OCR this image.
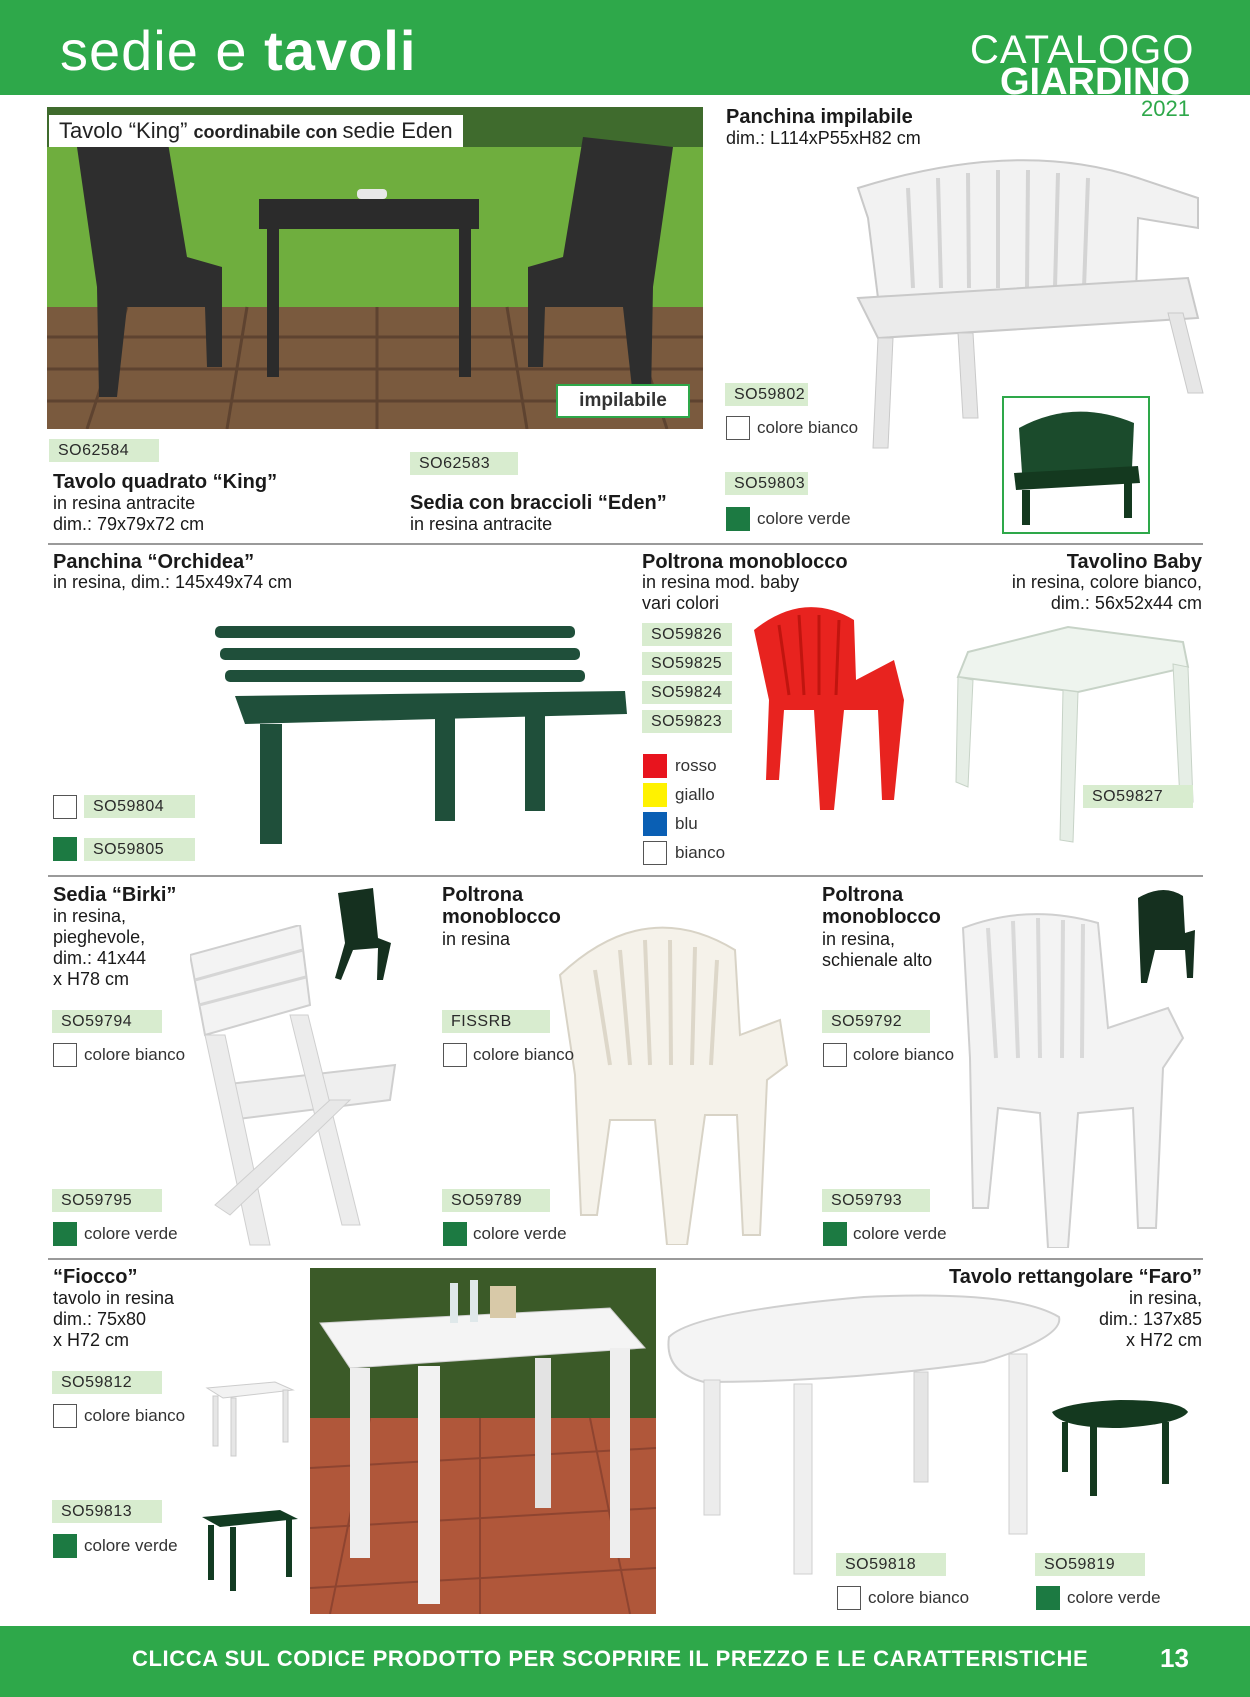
sedie e tavoli	CATALOGO
GIARDINO
2021
Tavolo “King” coordinabile con sedie Eden
impilabile
SO62584
Tavolo quadrato “King”
in resina antracite
dim.: 79x79x72 cm
SO62583
Sedia con braccioli “Eden”
in resina antracite
Panchina impilabile
dim.: L114xP55xH82 cm
SO59802
colore bianco
SO59803
colore verde
Panchina “Orchidea”
in resina, dim.: 145x49x74 cm
SO59804
SO59805
Poltrona monoblocco
in resina mod. baby
vari colori
SO59826
SO59825
SO59824
SO59823
rosso
giallo
blu
bianco
Tavolino Baby
in resina, colore bianco,
dim.: 56x52x44 cm
SO59827
Sedia “Birki”
in resina,
pieghevole,
dim.: 41x44
x H78 cm
SO59794
colore bianco
SO59795
colore verde
Poltrona
monoblocco
in resina
FISSRB
colore bianco
SO59789
colore verde
Poltrona
monoblocco
in resina,
schienale alto
SO59792
colore bianco
SO59793
colore verde
“Fiocco”
tavolo in resina
dim.: 75x80
x H72 cm
SO59812
colore bianco
SO59813
colore verde
Tavolo rettangolare “Faro”
in resina,
dim.: 137x85
x H72 cm
SO59818
colore bianco
SO59819
colore verde
CLICCA SUL CODICE PRODOTTO PER SCOPRIRE IL PREZZO E LE CARATTERISTICHE	13
